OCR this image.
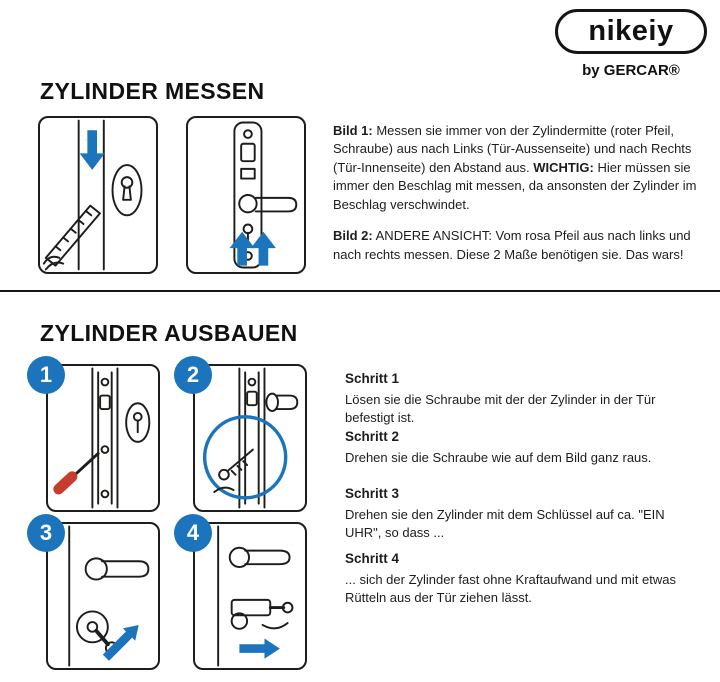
nikeiy
by GERCAR®
ZYLINDER MESSEN

Bild 1: Messen sie immer von der Zylindermitte (roter Pfeil, Schraube) aus nach Links (Tür-Aussenseite) und nach Rechts (Tür-Innenseite) den Abstand aus. WICHTIG: Hier müssen sie immer den Beschlag mit messen, da ansonsten der Zylinder im Beschlag verschwindet.

Bild 2: ANDERE ANSICHT: Vom rosa Pfeil aus nach links und nach rechts messen. Diese 2 Maße benötigen sie. Das wars!

ZYLINDER AUSBAUEN
1	2
3	4
Schritt 1
Lösen sie die Schraube mit der der Zylinder in der Tür befestigt ist.
Schritt 2
Drehen sie die Schraube wie auf dem Bild ganz raus.
Schritt 3
Drehen sie den Zylinder mit dem Schlüssel auf ca. "EIN UHR", so dass ...
Schritt 4
... sich der Zylinder fast ohne Kraftaufwand und mit etwas Rütteln aus der Tür ziehen lässt.
